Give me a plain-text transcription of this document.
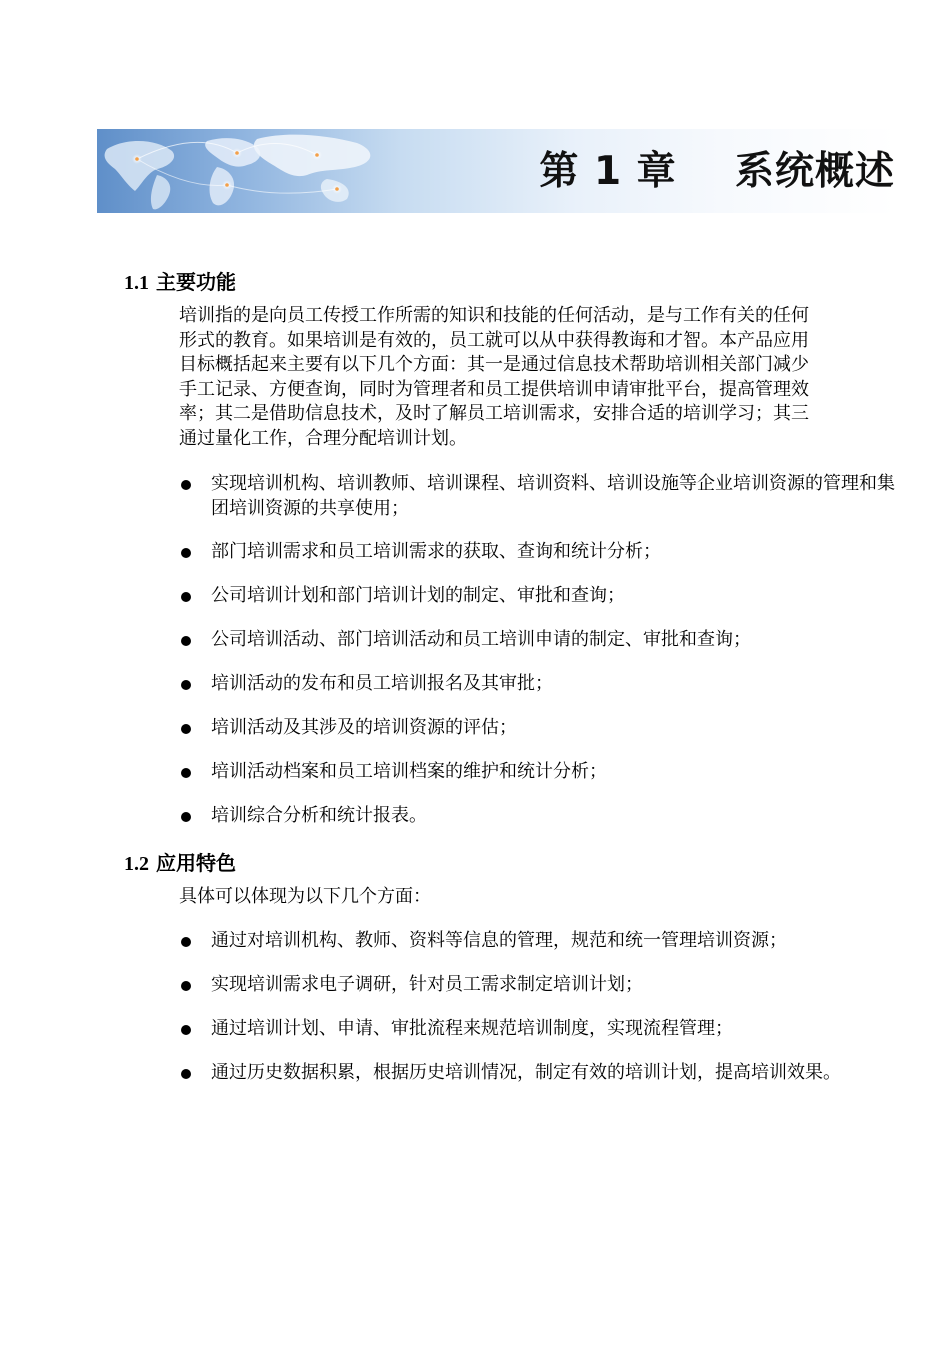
第 1 章    系统概述
1.1 主要功能
培训指的是向员工传授工作所需的知识和技能的任何活动，是与工作有关的任何
形式的教育。如果培训是有效的，员工就可以从中获得教诲和才智。本产品应用
目标概括起来主要有以下几个方面：其一是通过信息技术帮助培训相关部门减少
手工记录、方便查询，同时为管理者和员工提供培训申请审批平台，提高管理效
率；其二是借助信息技术，及时了解员工培训需求，安排合适的培训学习；其三
通过量化工作，合理分配培训计划。
实现培训机构、培训教师、培训课程、培训资料、培训设施等企业培训资源的管理和集团培训资源的共享使用；
部门培训需求和员工培训需求的获取、查询和统计分析；
公司培训计划和部门培训计划的制定、审批和查询；
公司培训活动、部门培训活动和员工培训申请的制定、审批和查询；
培训活动的发布和员工培训报名及其审批；
培训活动及其涉及的培训资源的评估；
培训活动档案和员工培训档案的维护和统计分析；
培训综合分析和统计报表。
1.2 应用特色
具体可以体现为以下几个方面：
通过对培训机构、教师、资料等信息的管理，规范和统一管理培训资源；
实现培训需求电子调研，针对员工需求制定培训计划；
通过培训计划、申请、审批流程来规范培训制度，实现流程管理；
通过历史数据积累，根据历史培训情况，制定有效的培训计划，提高培训效果。
